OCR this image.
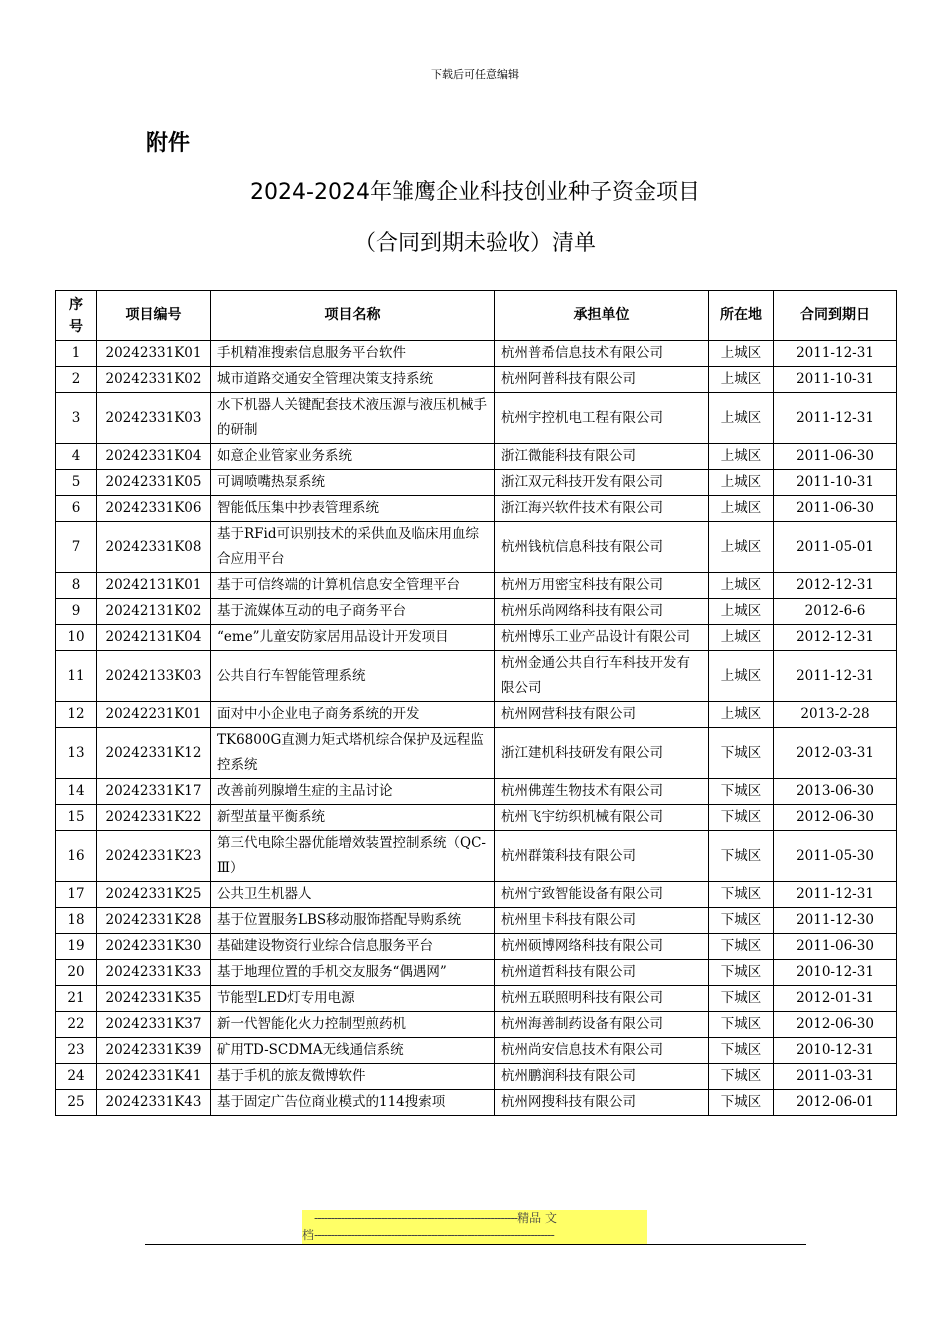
下载后可任意编辑
附件
2024-2024年雏鹰企业科技创业种子资金项目
（合同到期未验收）清单
序
号	项目编号	项目名称	承担单位	所在地	合同到期日
1	20242331K01	手机精准搜索信息服务平台软件	杭州普希信息技术有限公司	上城区	2011-12-31
2	20242331K02	城市道路交通安全管理决策支持系统	杭州阿普科技有限公司	上城区	2011-10-31
3	20242331K03	水下机器人关键配套技术液压源与液压机械手的研制	杭州宇控机电工程有限公司	上城区	2011-12-31
4	20242331K04	如意企业管家业务系统	浙江微能科技有限公司	上城区	2011-06-30
5	20242331K05	可调喷嘴热泵系统	浙江双元科技开发有限公司	上城区	2011-10-31
6	20242331K06	智能低压集中抄表管理系统	浙江海兴软件技术有限公司	上城区	2011-06-30
7	20242331K08	基于RFid可识别技术的采供血及临床用血综合应用平台	杭州钱杭信息科技有限公司	上城区	2011-05-01
8	20242131K01	基于可信终端的计算机信息安全管理平台	杭州万用密宝科技有限公司	上城区	2012-12-31
9	20242131K02	基于流媒体互动的电子商务平台	杭州乐尚网络科技有限公司	上城区	2012-6-6
10	20242131K04	“eme”儿童安防家居用品设计开发项目	杭州博乐工业产品设计有限公司	上城区	2012-12-31
11	20242133K03	公共自行车智能管理系统	杭州金通公共自行车科技开发有限公司	上城区	2011-12-31
12	20242231K01	面对中小企业电子商务系统的开发	杭州网营科技有限公司	上城区	2013-2-28
13	20242331K12	TK6800G直测力矩式塔机综合保护及远程监控系统	浙江建机科技研发有限公司	下城区	2012-03-31
14	20242331K17	改善前列腺增生症的主品讨论	杭州佛莲生物技术有限公司	下城区	2013-06-30
15	20242331K22	新型茧量平衡系统	杭州飞宇纺织机械有限公司	下城区	2012-06-30
16	20242331K23	第三代电除尘器优能增效装置控制系统（QC-Ⅲ）	杭州群策科技有限公司	下城区	2011-05-30
17	20242331K25	公共卫生机器人	杭州宁致智能设备有限公司	下城区	2011-12-31
18	20242331K28	基于位置服务LBS移动服饰搭配导购系统	杭州里卡科技有限公司	下城区	2011-12-30
19	20242331K30	基础建设物资行业综合信息服务平台	杭州硕博网络科技有限公司	下城区	2011-06-30
20	20242331K33	基于地理位置的手机交友服务“偶遇网”	杭州道哲科技有限公司	下城区	2010-12-31
21	20242331K35	节能型LED灯专用电源	杭州五联照明科技有限公司	下城区	2012-01-31
22	20242331K37	新一代智能化火力控制型煎药机	杭州海善制药设备有限公司	下城区	2012-06-30
23	20242331K39	矿用TD-SCDMA无线通信系统	杭州尚安信息技术有限公司	下城区	2010-12-31
24	20242331K41	基于手机的旅友微博软件	杭州鹏润科技有限公司	下城区	2011-03-31
25	20242331K43	基于固定广告位商业模式的114搜索项	杭州网搜科技有限公司	下城区	2012-06-01
-------------------------------------------------------------精品 文
档------------------------------------------------------------------------
